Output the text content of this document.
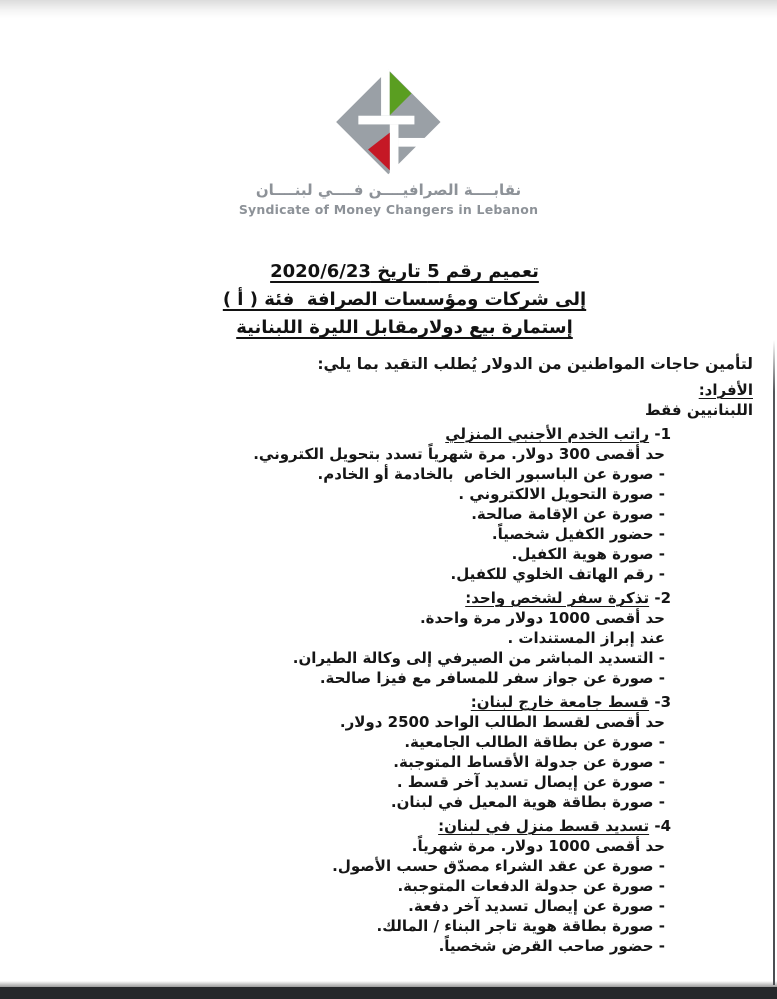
نقابــــة الصرافيــــن فــــي لبنــــان
Syndicate of Money Changers in Lebanon
تعميم رقم 5 تاريخ 2020/6/23
إلى شركات ومؤسسات الصرافة  فئة ( أ )
إستمارة بيع دولارمقابل الليرة اللبنانية
لتأمين حاجات المواطنين من الدولار يُطلب التقيد بما يلي:
الأفراد:
اللبنانيين فقط
1- راتب الخدم الأجنبي المنزلي
حد أقصى 300 دولار. مرة شهرياً تسدد بتحويل الكتروني.
- صورة عن الباسبور الخاص  بالخادمة أو الخادم.
- صورة التحويل الالكتروني .
- صورة عن الإقامة صالحة.
- حضور الكفيل شخصياً.
- صورة هوية الكفيل.
- رقم الهاتف الخلوي للكفيل.
2- تذكرة سفر لشخص واحد:
حد أقصى 1000 دولار مرة واحدة.
عند إبراز المستندات .
- التسديد المباشر من الصيرفي إلى وكالة الطيران.
- صورة عن جواز سفر للمسافر مع فيزا صالحة.
3- قسط جامعة خارج لبنان:
حد أقصى لقسط الطالب الواحد 2500 دولار.
- صورة عن بطاقة الطالب الجامعية.
- صورة عن جدولة الأقساط المتوجبة.
- صورة عن إيصال تسديد آخر قسط .
- صورة بطاقة هوية المعيل في لبنان.
4- تسديد قسط منزل في لبنان:
حد أقصى 1000 دولار. مرة شهرياً.
- صورة عن عقد الشراء مصدّق حسب الأصول.
- صورة عن جدولة الدفعات المتوجبة.
- صورة عن إيصال تسديد آخر دفعة.
- صورة بطاقة هوية تاجر البناء / المالك.
- حضور صاحب القرض شخصياً.
